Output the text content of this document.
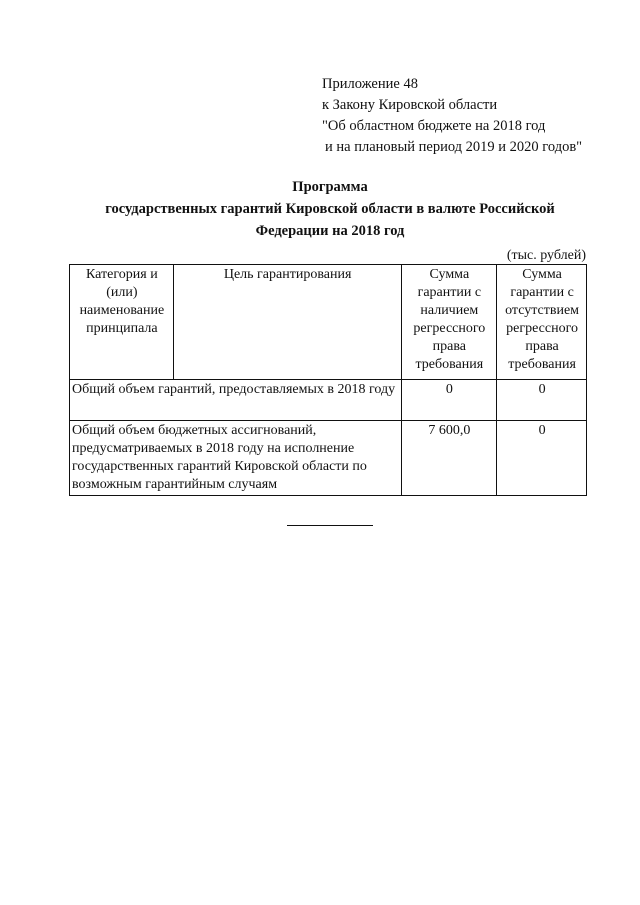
Приложение 48
к Закону Кировской области
"Об областном бюджете на 2018 год
и на плановый период 2019 и 2020 годов"
Программа
государственных гарантий Кировской области в валюте Российской
Федерации на 2018 год
(тыс. рублей)
Категория и (или) наименование принципала	Цель гарантирования	Сумма гарантии с наличием регрессного права требования	Сумма гарантии с отсутствием регрессного права требования
Общий объем гарантий, предоставляемых в 2018 году		0	0
Общий объем бюджетных ассигнований, предусматриваемых в 2018 году на исполнение государственных гарантий Кировской области по возможным гарантийным случаям		7 600,0	0
